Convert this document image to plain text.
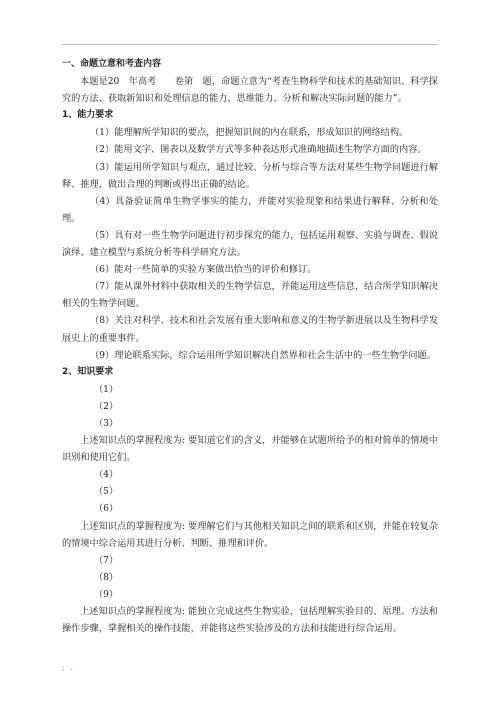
.

一、命题立意和考查内容

本题是20　年高考　　卷第　题，命题立意为“考查生物科学和技术的基础知识、科学探究的方法、获取新知识和处理信息的能力、思维能力、分析和解决实际问题的能力”。

1、能力要求

（1）能理解所学知识的要点，把握知识间的内在联系，形成知识的网络结构。

（2）能用文字、图表以及数学方式等多种表达形式准确地描述生物学方面的内容。

（3）能运用所学知识与观点，通过比较、分析与综合等方法对某些生物学问题进行解释、推理，做出合理的判断或得出正确的结论。

（4）具备验证简单生物学事实的能力，并能对实验现象和结果进行解释、分析和处理。

（5）具有对一些生物学问题进行初步探究的能力，包括运用观察、实验与调查、假说演绎、建立模型与系统分析等科学研究方法。

（6）能对一些简单的实验方案做出恰当的评价和修订。

（7）能从课外材料中获取相关的生物学信息，并能运用这些信息，结合所学知识解决相关的生物学问题。

（8）关注对科学、技术和社会发展有重大影响和意义的生物学新进展以及生物科学发展史上的重要事件。

（9）理论联系实际，综合运用所学知识解决自然界和社会生活中的一些生物学问题。

2、知识要求

（1）

（2）

（3）

上述知识点的掌握程度为: 要知道它们的含义，并能够在试题所给予的相对简单的情境中识别和使用它们。

（4）

（5）

（6）

上述知识点的掌握程度为: 要理解它们与其他相关知识之间的联系和区别，并能在较复杂的情境中综合运用其进行分析、判断、推理和评价。

（7）

（8）

（9）

上述知识点的掌握程度为: 能独立完成这些生物实验，包括理解实验目的、原理、方法和操作步骤，掌握相关的操作技能，并能将这些实验涉及的方法和技能进行综合运用。

; .
